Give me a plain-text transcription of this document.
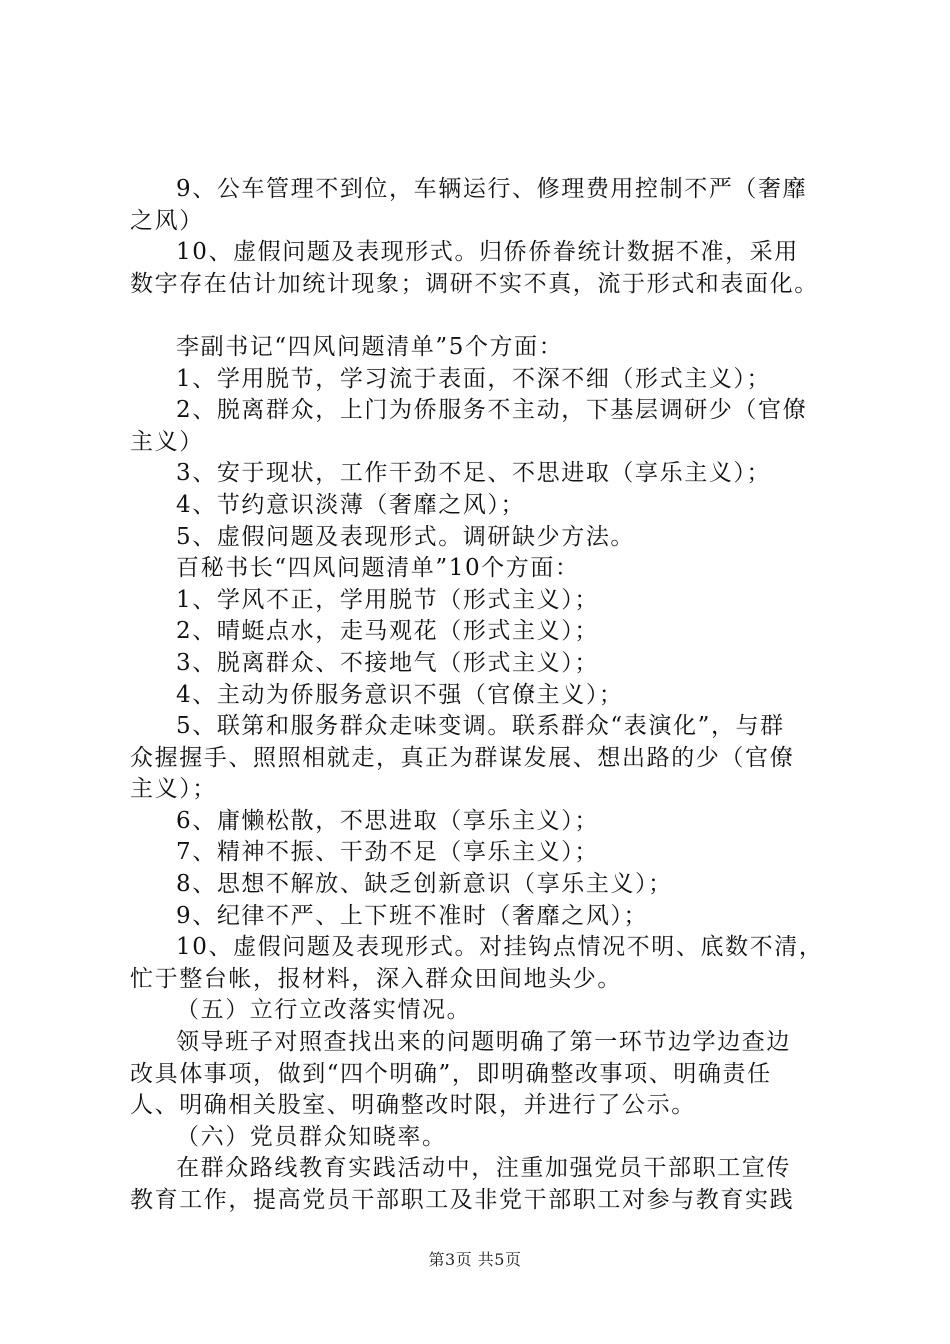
9、公车管理不到位，车辆运行、修理费用控制不严（奢靡
之风）
10、虚假问题及表现形式。归侨侨眷统计数据不准，采用
数字存在估计加统计现象；调研不实不真，流于形式和表面化。
李副书记“四风问题清单”5个方面：
1、学用脱节，学习流于表面，不深不细（形式主义）；
2、脱离群众，上门为侨服务不主动，下基层调研少（官僚
主义）
3、安于现状，工作干劲不足、不思进取（享乐主义）；
4、节约意识淡薄（奢靡之风）；
5、虚假问题及表现形式。调研缺少方法。
百秘书长“四风问题清单”10个方面：
1、学风不正，学用脱节（形式主义）；
2、晴蜓点水，走马观花（形式主义）；
3、脱离群众、不接地气（形式主义）；
4、主动为侨服务意识不强（官僚主义）；
5、联第和服务群众走味变调。联系群众“表演化”，与群
众握握手、照照相就走，真正为群谋发展、想出路的少（官僚
主义）；
6、庸懒松散，不思进取（享乐主义）；
7、精神不振、干劲不足（享乐主义）；
8、思想不解放、缺乏创新意识（享乐主义）；
9、纪律不严、上下班不准时（奢靡之风）；
10、虚假问题及表现形式。对挂钩点情况不明、底数不清，
忙于整台帐，报材料，深入群众田间地头少。
（五）立行立改落实情况。
领导班子对照查找出来的问题明确了第一环节边学边查边
改具体事项，做到“四个明确”，即明确整改事项、明确责任
人、明确相关股室、明确整改时限，并进行了公示。
（六）党员群众知晓率。
在群众路线教育实践活动中，注重加强党员干部职工宣传
教育工作，提高党员干部职工及非党干部职工对参与教育实践
第3页 共5页
